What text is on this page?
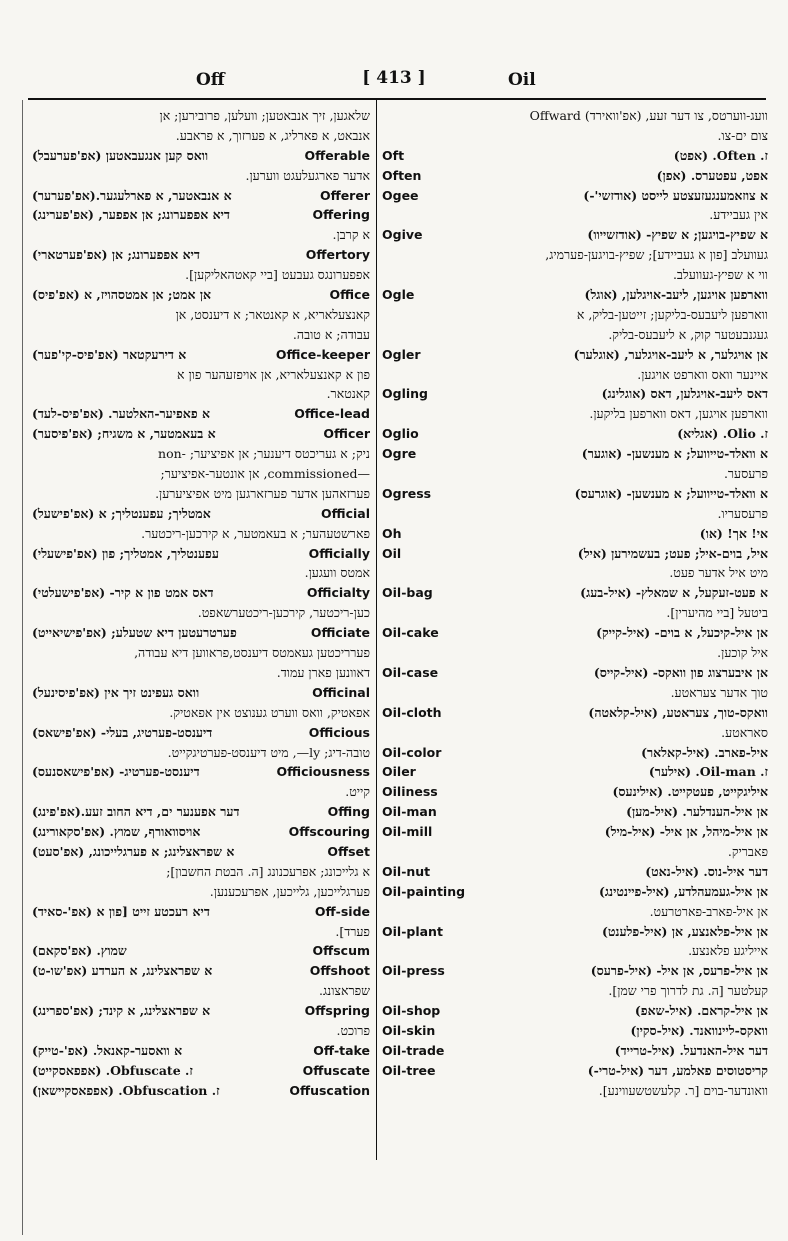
Off	[ 413 ]	Oil
שלאגען, זיך אנבאטען; וועלען, פרובירען; אן
אנבאט, א פארליג, א פערזוך, א פראבע.
וואס קען אנגעבאטען (אפ'פערעבל)	Offerable
אדער פארגעלעגט ווערען.
א אנבאטער, א פארלעגער.(אפ'פערער)	Offerer
דיא אפפערונג; אן אפפער, (אפ'פערינג)	Offering
א קרבן.
דיא אפפערונג; אן (אפ'פערטארי)	Offertory
אפפערונגס געבעט [ביי קאטהאליקען].
אן אמט; אן אמטסהויז, א (אפ'פיס)	Office
קאנצעלאריא, א קאנטאר; א דיענסט, אן
עבודה; א טובה.
א דירעקטאר (אפ'פיס-קי'פער)	Office-keeper
פון א קאנצעלאריא, אן אויפזעהער פון א
קאנטאר.
א פאפיער-האלטער. (אפ'פיס-לעד)	Office-lead
א בעאמטער, א משגיח; (אפ'פיסער)	Officer
ניק; א געריכטס דיענער; אן אפיציער; -non
—commissioned, אן אונטער-אפיציער;
פערזאהען אדער פערזארגען מיט אפיציערען.
אמטליך; עפענטליך; א (אפ'פישעל)	Official
פארשטעהער; א בעאמטער, א קירכען-ריכטער.
עפענטליך, אמטליך; פון (אפ'פישעלי)	Officially
אמטס וועגען.
דאס אמט פון א קיר- (אפ'פישעלטי)	Officialty
כען-ריכטער, קירכען-ריכטערשאפט.
פערטרעטען דיא שטעלע; (אפ'פישיאייט)	Officiate
פערריכטען געאמטס דיענסט,פראווען דיא עבודה,
דאוונען פארן עמוד.
וואס געפינט זיך אין (אפ'פיסינעל)	Officinal
אפאטיק, וואס ווערט גענוצט אין אפאטיק.
דיענסט-פערטיג, בעלי- (אפ'פישאס)	Officious
טובה-דיג; ly—, מיט דיענסט-פערטיגקייט.
דיענסט-פערטיג- (אפ'פישאסנעס)	Officiousness
קייט.
דער אפענער ים, דיא החוב זעע.(אפ'פינג)	Offing
אויסוואורף, שמוץ. (אפ'סקאורינג)	Offscouring
א שפראצלינג; א פערגלייכונג, (אפ'סעט)	Offset
א גלייכונג; אפרעכנונג [ה. הבטת החשבון];
פערגלייכען, גלייכען, אפרעכענען.
דיא רעכטע זייט [פון א (אפ'-סאיד)	Off-side
פערד].
שמוץ. (אפ'סקאם)	Offscum
א שפראצלינג, א הערדע (אפ'שו-ט)	Offshoot
שפראצונג.
א שפראצלינג, א קינד; (אפ'ספרינג)	Offspring
פרוכט.
א וואסער-קאנאל. (אפ'-טייק)	Off-take
ז. Obfuscate. (אפפאסקייט)	Offuscate
ז. Obfuscation. (אפפאסקיישאן)	Offuscation
וועג-ווערטס, צו דער זעע, (אפ'וואירד) Offward
צום ים-צו.
Oft	ז. Often. (אפט)
Often	אפט, עפטערס. (אפן)
Ogee	א צוזאמענגעזעצטע לייסט (אודזשי'-)
אין געביידע.
Ogive	א שפיץ-בויגען; א שפיץ- (אודזשייוו)
געוועלב [פון א געביידע]; שפיץ-בויגען-פערמיג,
ווי א שפיץ-געוועלב.
Ogle	ווארפען אויגען, ליעב-אויגלען, (אוגל)
ווארפען ליעבעס-בליקען; זייטען-בליק, א
געגנבעטער קוק, א ליעבעס-בליק.
Ogler	אן אויגלער, א ליעב-אויגלער, (אוגלער)
איינער וואס ווארפט אויגען.
Ogling	דאס ליעב-אויגלען, דאס (אוגלינג)
ווארפען אויגען, דאס ווארפען בליקען.
Oglio	ז. Olio. (אגליא)
Ogre	א וואלד-טייוועל; א מענשען- (אוגער)
פרעסער.
Ogress	א וואלד-טייוועל; א מענשען- (אוגרעס)
פרעסעריו.
Oh	אי! אך! (או)
Oil	איל, בוים-איל; פעט; בעשמירען (איל)
מיט איל אדער פעט.
Oil-bag	א פעט-זעקעל, א שמאלץ- (איל-בעג)
ביטעל [ביי מהיערין].
Oil-cake	אן איל-קיכעל, א בוים- (איל-קייק)
איל קוכען.
Oil-case	אן איבערצוג פון וואקס- (איל-קייס)
טוך אדער צעראטע.
Oil-cloth	וואקס-טוך, צעראטע, (איל-קלאטה)
סאראטע.
Oil-color	איל-פארב. (איל-קאלאר)
Oiler	ז. Oil-man. (אילער)
Oiliness	איליגקייט, פעטקייט. (אילינעס)
Oil-man	אן איל-הענדלער. (איל-מען)
Oil-mill	אן איל-מיהל, אן איל- (איל-מיל)
פאבריק.
Oil-nut	דער איל-נוס. (איל-נאט)
Oil-painting	אן איל-געמעהלדע, (איל-פיינטינג)
אן איל-פארב-פארטרעט.
Oil-plant	אן איל-פלאנצע, אן (איל-פלענט)
אייליגע פלאנצע.
Oil-press	אן איל-פרעס, אן איל- (איל-פרעס)
קעלטער [ה. גת לדרוך פרי שמן].
Oil-shop	אן איל-קראם. (איל-שאפ)
Oil-skin	וואקס-ליינוואנד. (איל-סקין)
Oil-trade	דער איל-האנדעל. (איל-טרייד)
Oil-tree	קריסטוסים פאלמע, דער (איל-טרי-)
װאונדער-בוים [ר. קלעשטשעווינע].
